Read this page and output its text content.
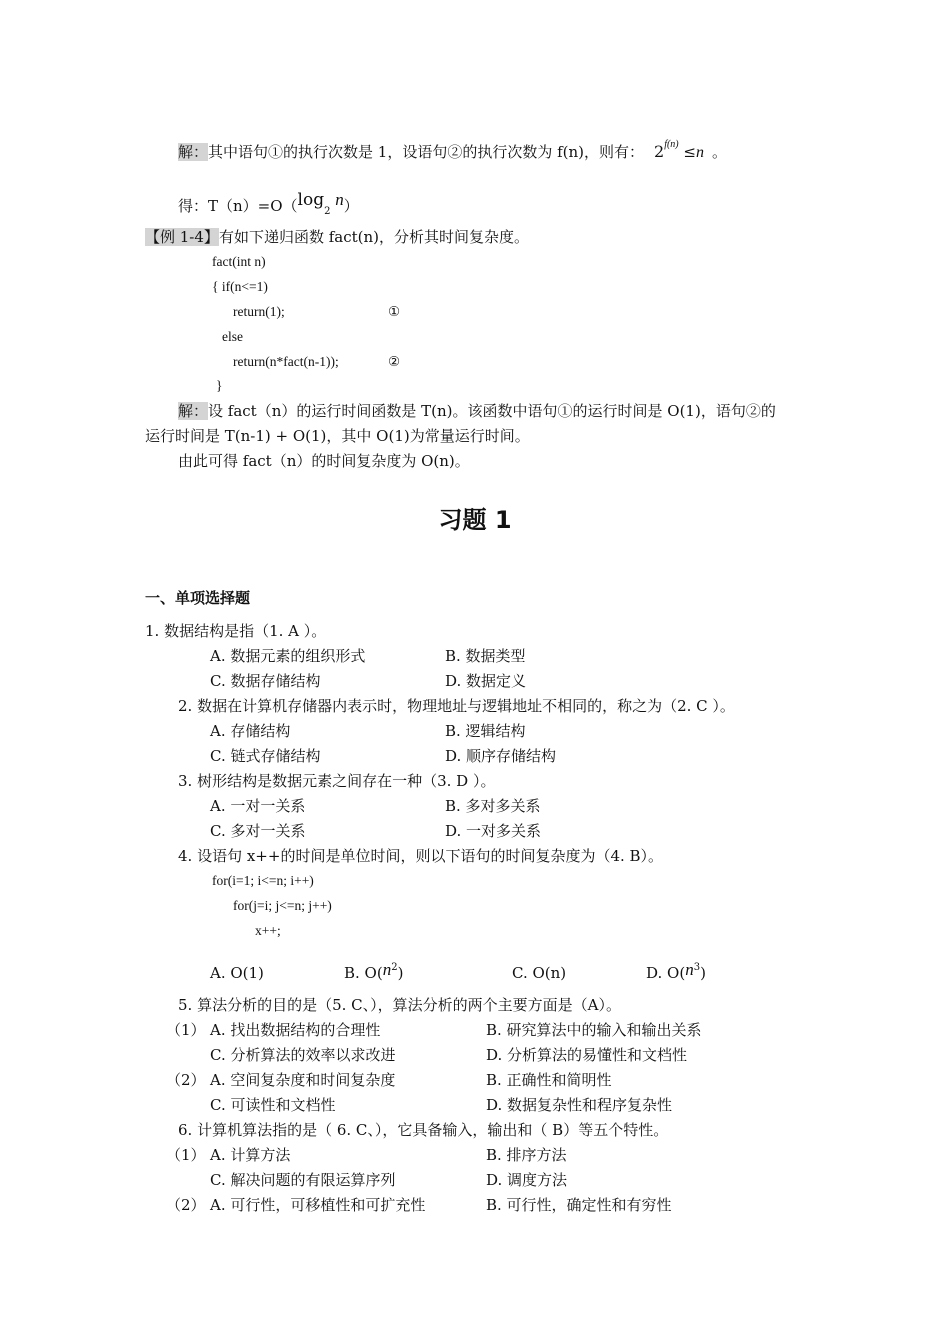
解：其中语句①的执行次数是 1，设语句②的执行次数为 f(n)，则有： $2^{f(n)} \le n$ 。
得：$T(n)=O(\log_2$ n）
【例 1-4】有如下递归函数 fact(n)，分析其时间复杂度。
fact(int n)
{ if(n<=1)
return(1);	①
else
return(n*fact(n-1));	②
}
解：设 fact（n）的运行时间函数是 T(n)。该函数中语句①的运行时间是 O(1)，语句②的
运行时间是 T(n-1) + O(1)，其中 O(1)为常量运行时间。
由此可得 fact（n）的时间复杂度为 O(n)。
习题 1
一、单项选择题
1. 数据结构是指（1. A ）。
A. 数据元素的组织形式	B. 数据类型
C. 数据存储结构	D. 数据定义
2. 数据在计算机存储器内表示时，物理地址与逻辑地址不相同的，称之为（2. C ）。
A. 存储结构	B. 逻辑结构
C. 链式存储结构	D. 顺序存储结构
3. 树形结构是数据元素之间存在一种（3. D ）。
A. 一对一关系	B. 多对多关系
C. 多对一关系	D. 一对多关系
4. 设语句 x++的时间是单位时间，则以下语句的时间复杂度为（4. B）。
for(i=1; i<=n; i++)
for(j=i; j<=n; j++)
x++;
A. O(1)	B. $O(n^2)$	C. O(n)	D. $O(n^3)$
5. 算法分析的目的是（5. C、），算法分析的两个主要方面是（A）。
（1） A. 找出数据结构的合理性	B. 研究算法中的输入和输出关系
C. 分析算法的效率以求改进	D. 分析算法的易懂性和文档性
（2） A. 空间复杂度和时间复杂度	B. 正确性和简明性
C. 可读性和文档性	D. 数据复杂性和程序复杂性
6. 计算机算法指的是（ 6. C、），它具备输入，输出和（ B）等五个特性。
（1） A. 计算方法	B. 排序方法
C. 解决问题的有限运算序列	D. 调度方法
（2） A. 可行性，可移植性和可扩充性	B. 可行性，确定性和有穷性
